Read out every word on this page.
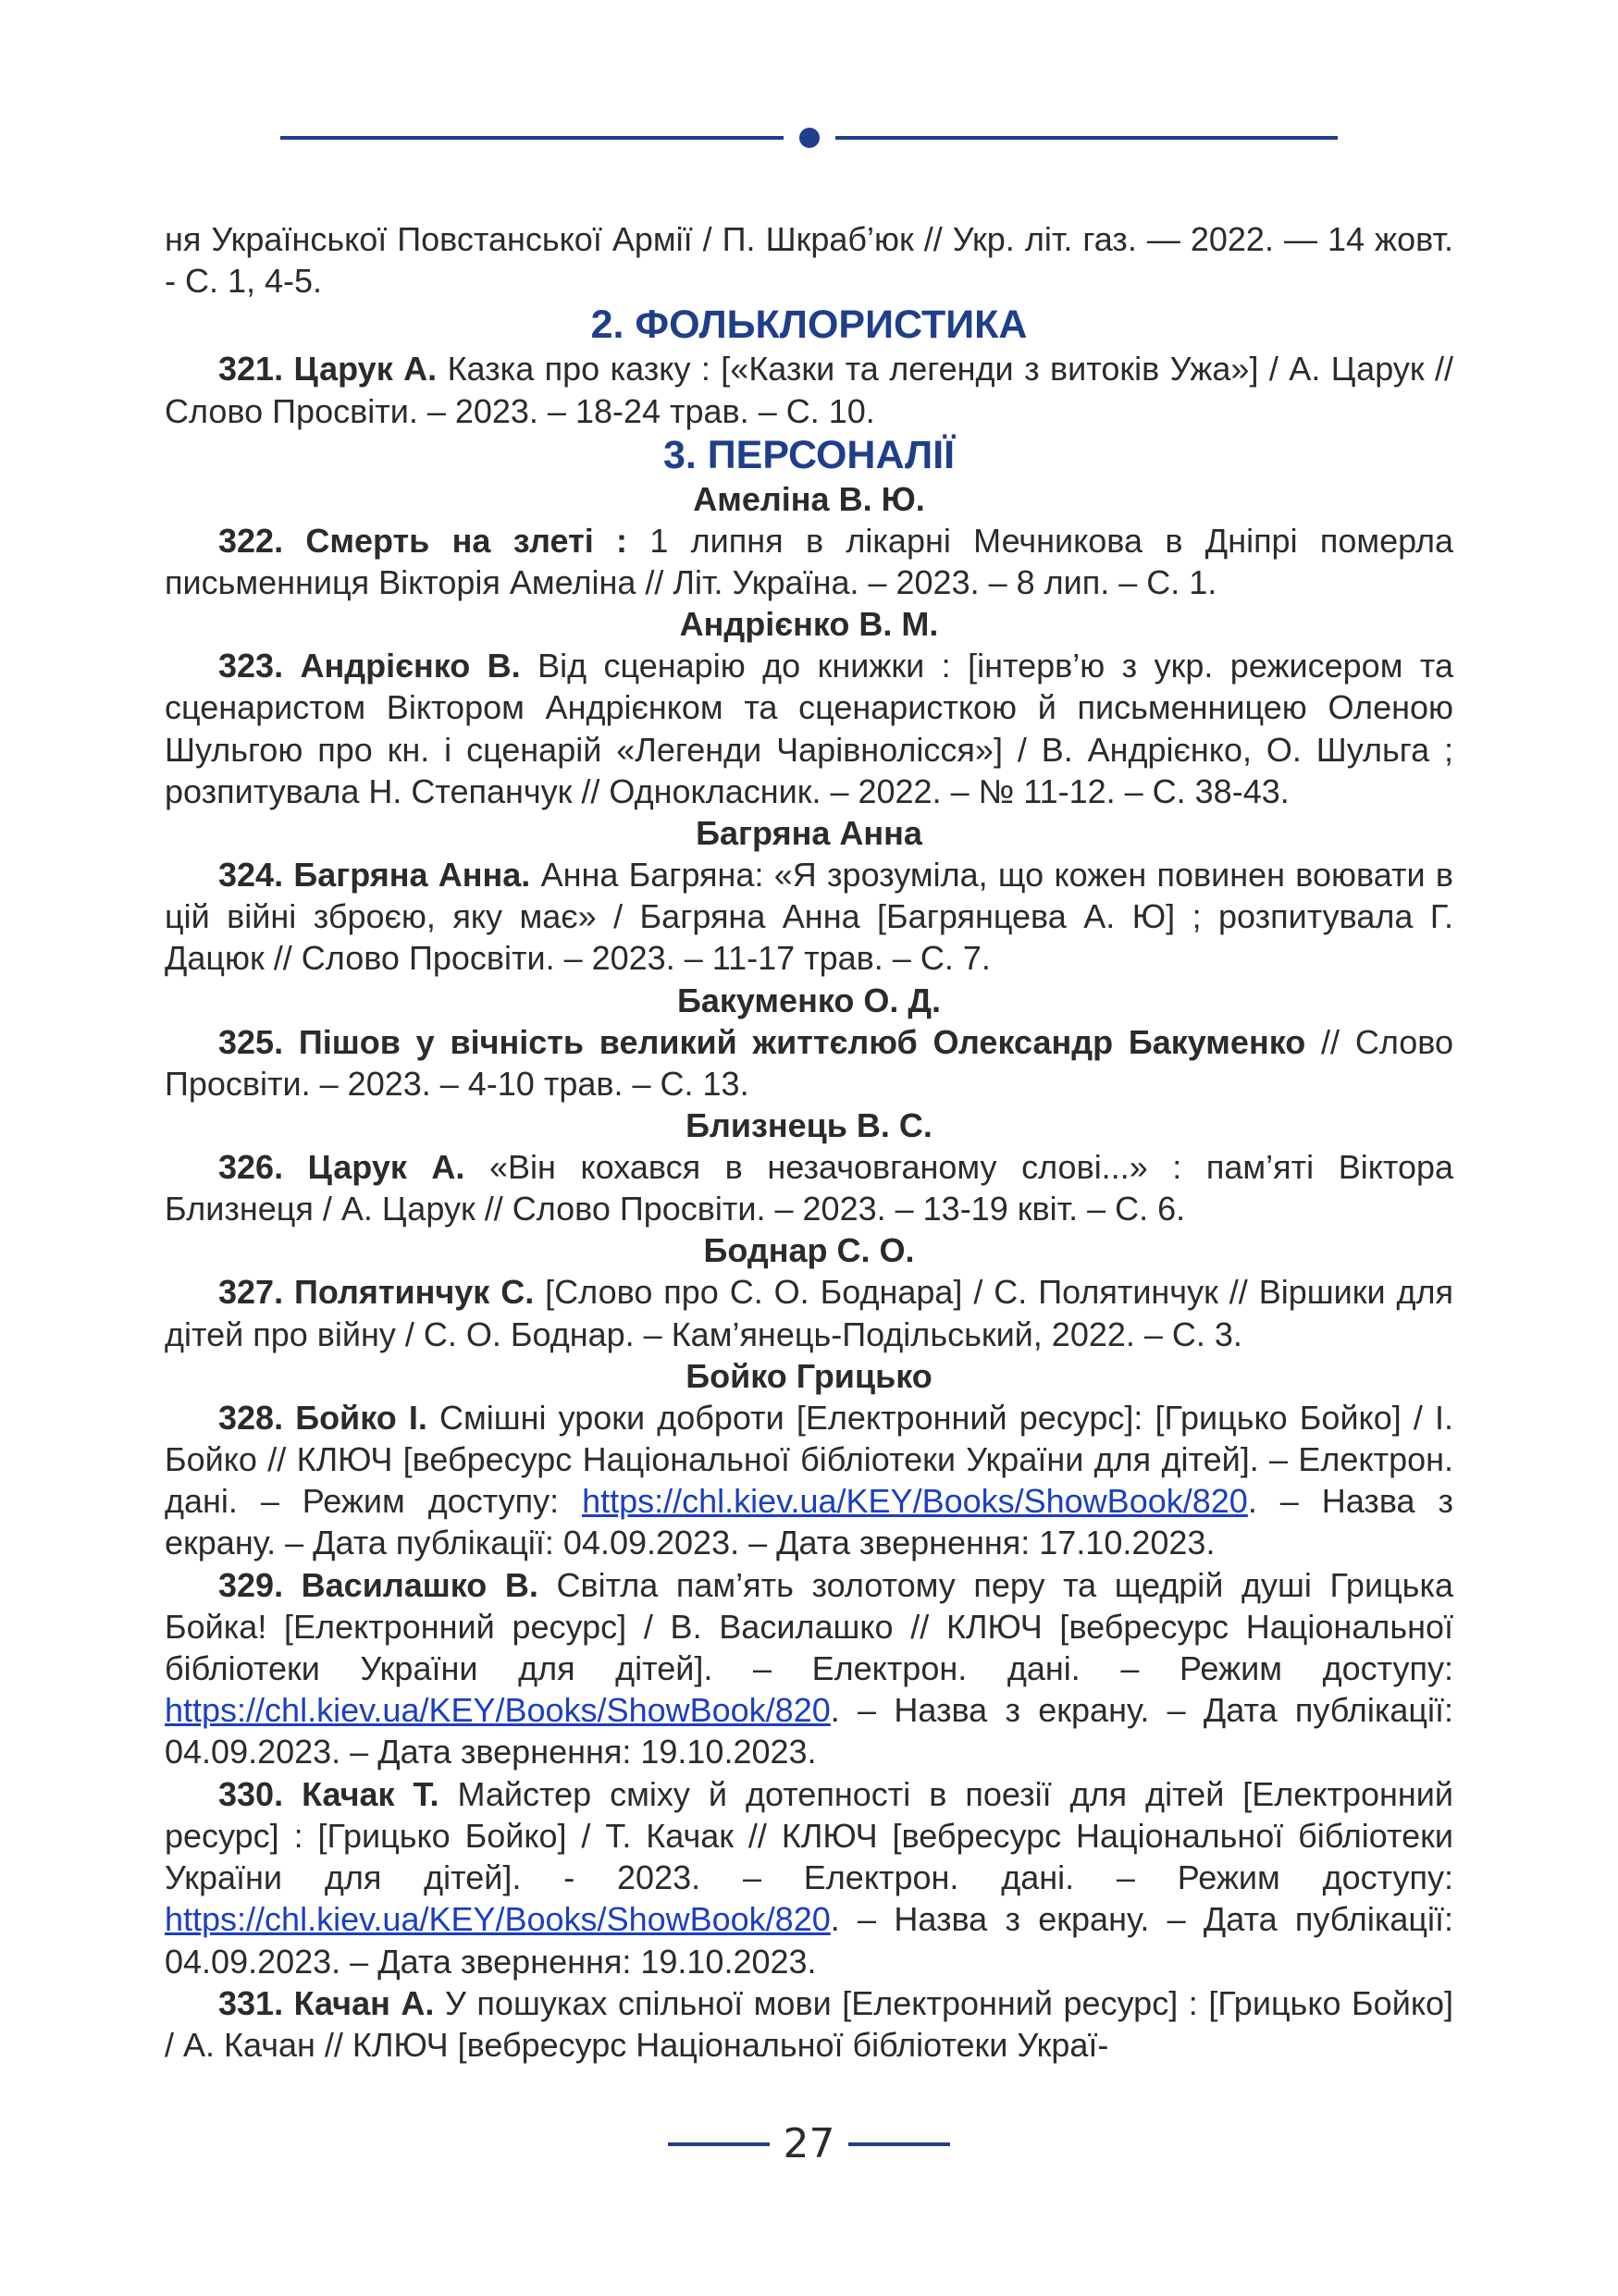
ня Української Повстанської Армії / П. Шкраб’юк // Укр. літ. газ. — 2022. — 14 жовт. - С. 1, 4-5.

2. ФОЛЬКЛОРИСТИКА

321. Царук А. Казка про казку : [«Казки та легенди з витоків Ужа»] / А. Царук // Слово Просвіти. – 2023. – 18-24 трав. – С. 10.

3. ПЕРСОНАЛІЇ

Амеліна В. Ю.

322. Смерть на злеті : 1 липня в лікарні Мечникова в Дніпрі померла письменниця Вікторія Амеліна // Літ. Україна. – 2023. – 8 лип. – С. 1.

Андрієнко В. М.

323. Андрієнко В. Від сценарію до книжки : [інтерв’ю з укр. режисером та сценаристом Віктором Андрієнком та сценаристкою й письменницею Оленою Шульгою про кн. і сценарій «Легенди Чарівнолісся»] / В. Андрієнко, О. Шульга ; розпитувала Н. Степанчук // Однокласник. – 2022. – № 11-12. – С. 38-43.

Багряна Анна

324. Багряна Анна. Анна Багряна: «Я зрозуміла, що кожен повинен воювати в цій війні зброєю, яку має» / Багряна Анна [Багрянцева А. Ю] ; розпитувала Г. Дацюк // Слово Просвіти. – 2023. – 11-17 трав. – С. 7.

Бакуменко О. Д.

325. Пішов у вічність великий життєлюб Олександр Бакуменко // Слово Просвіти. – 2023. – 4-10 трав. – С. 13.

Близнець В. С.

326. Царук А. «Він кохався в незачовганому слові...» : пам’яті Віктора Близнеця / А. Царук // Слово Просвіти. – 2023. – 13-19 квіт. – С. 6.

Боднар С. О.

327. Полятинчук С. [Слово про С. О. Боднара] / С. Полятинчук // Віршики для дітей про війну / С. О. Боднар. – Кам’янець-Подільський, 2022. – С. 3.

Бойко Грицько

328. Бойко І. Смішні уроки доброти [Електронний ресурс]: [Грицько Бойко] / І. Бойко // КЛЮЧ [вебресурс Національної бібліотеки України для дітей]. – Електрон. дані. – Режим доступу: https://chl.kiev.ua/KEY/Books/ShowBook/820. – Назва з екрану. – Дата публікації: 04.09.2023. – Дата звернення: 17.10.2023.

329. Василашко В. Світла пам’ять золотому перу та щедрій душі Грицька Бойка! [Електронний ресурс] / В. Василашко // КЛЮЧ [вебресурс Національної бібліотеки України для дітей]. – Електрон. дані. – Режим доступу: https://chl.kiev.ua/KEY/Books/ShowBook/820. – Назва з екрану. – Дата публікації: 04.09.2023. – Дата звернення: 19.10.2023.

330. Качак Т. Майстер сміху й дотепності в поезії для дітей [Електронний ресурс] : [Грицько Бойко] / Т. Качак // КЛЮЧ [вебресурс Національної бібліотеки України для дітей]. - 2023. – Електрон. дані. – Режим доступу: https://chl.kiev.ua/KEY/Books/ShowBook/820. – Назва з екрану. – Дата публікації: 04.09.2023. – Дата звернення: 19.10.2023.

331. Качан А. У пошуках спільної мови [Електронний ресурс] : [Грицько Бойко] / А. Качан // КЛЮЧ [вебресурс Національної бібліотеки Украї-

27
